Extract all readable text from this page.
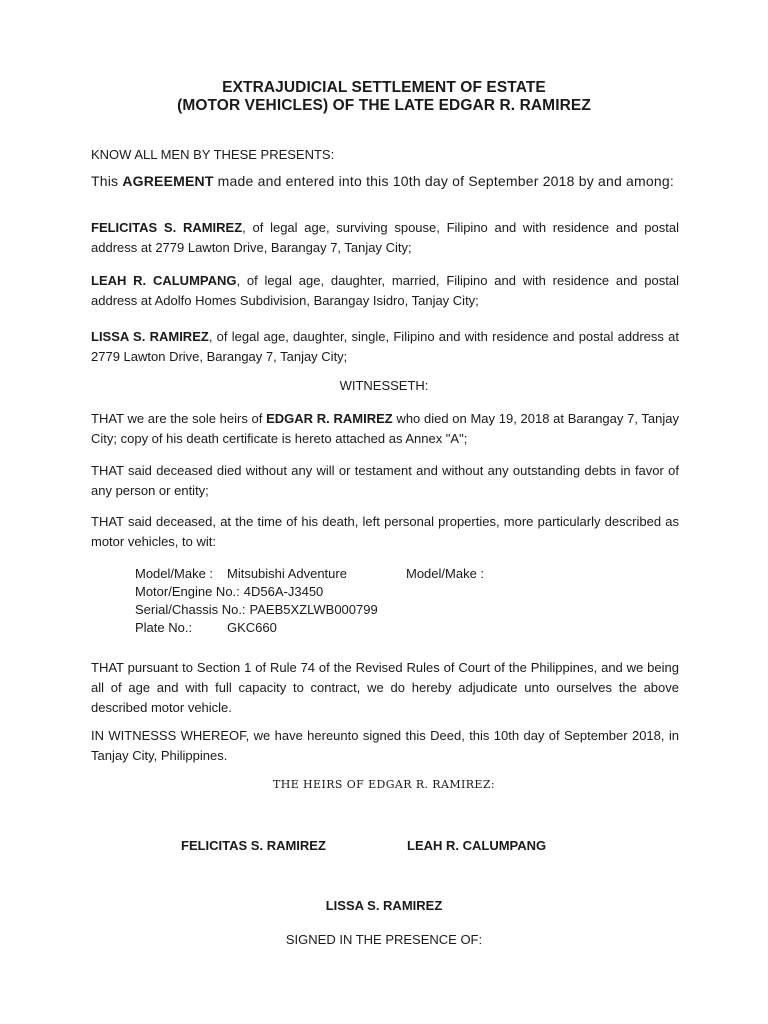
EXTRAJUDICIAL SETTLEMENT OF ESTATE
(MOTOR VEHICLES) OF THE LATE EDGAR R. RAMIREZ

KNOW ALL MEN BY THESE PRESENTS:

This AGREEMENT made and entered into this 10th day of September 2018 by and among:

FELICITAS S. RAMIREZ, of legal age, surviving spouse, Filipino and with residence and postal address at 2779 Lawton Drive, Barangay 7, Tanjay City;

LEAH R. CALUMPANG, of legal age, daughter, married, Filipino and with residence and postal address at Adolfo Homes Subdivision, Barangay Isidro, Tanjay City;

LISSA S. RAMIREZ, of legal age, daughter, single, Filipino and with residence and postal address at 2779 Lawton Drive, Barangay 7, Tanjay City;

WITNESSETH:

THAT we are the sole heirs of EDGAR R. RAMIREZ who died on May 19, 2018 at Barangay 7, Tanjay City; copy of his death certificate is hereto attached as Annex "A";

THAT said deceased died without any will or testament and without any outstanding debts in favor of any person or entity;

THAT said deceased, at the time of his death, left personal properties, more particularly described as motor vehicles, to wit:

Model/Make :	Mitsubishi Adventure	Model/Make :
Motor/Engine No.: 4D56A-J3450
Serial/Chassis No.: PAEB5XZLWB000799
Plate No.:	GKC660

THAT pursuant to Section 1 of Rule 74 of the Revised Rules of Court of the Philippines, and we being all of age and with full capacity to contract, we do hereby adjudicate unto ourselves the above described motor vehicle.

IN WITNESSS WHEREOF, we have hereunto signed this Deed, this 10th day of September 2018, in Tanjay City, Philippines.

THE HEIRS OF EDGAR R. RAMIREZ:
FELICITAS S. RAMIREZ	LEAH R. CALUMPANG
LISSA S. RAMIREZ
SIGNED IN THE PRESENCE OF:
